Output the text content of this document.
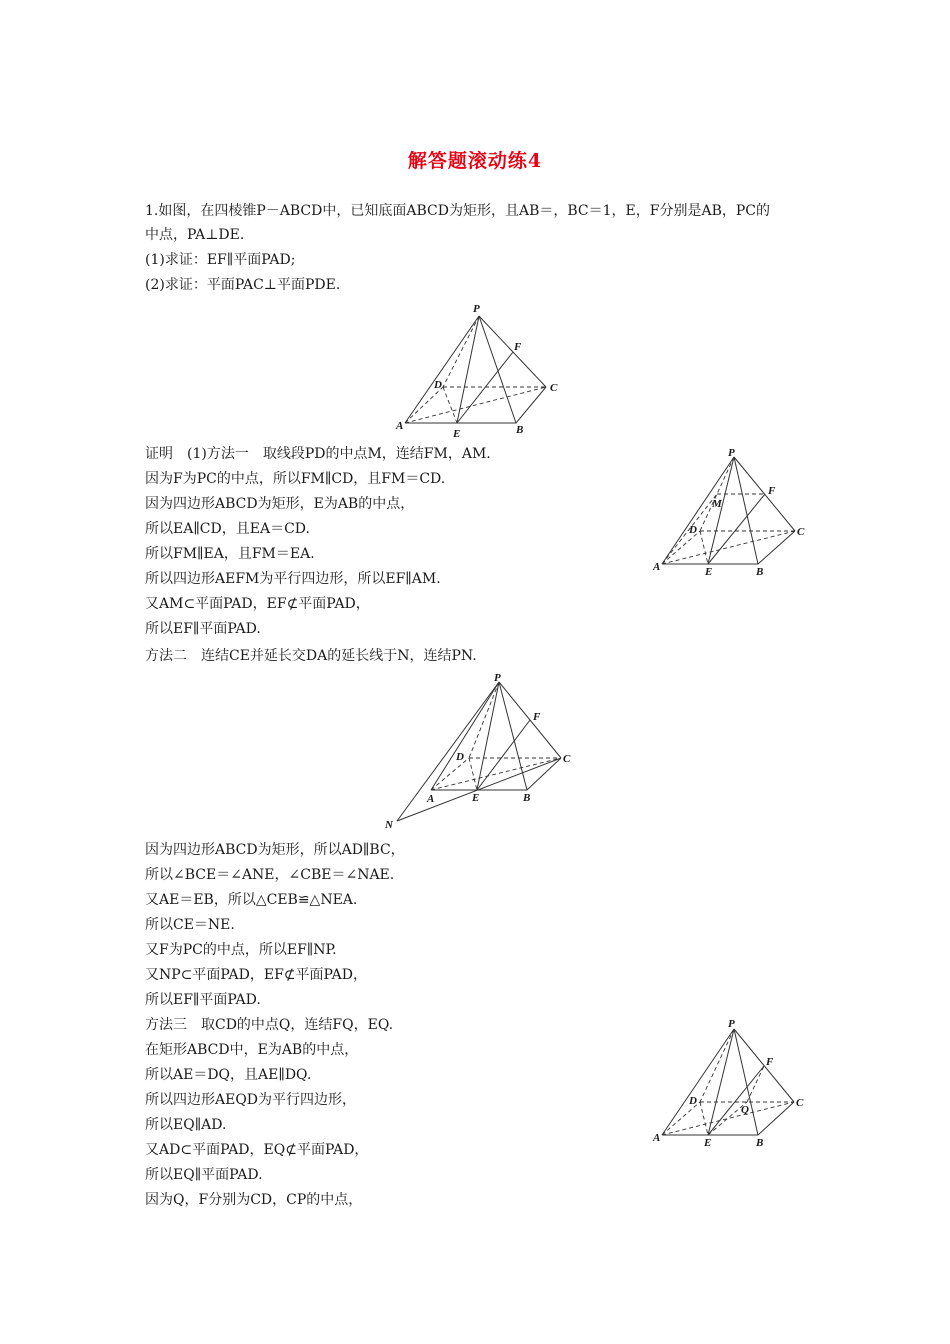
解答题滚动练4
1.如图，在四棱锥P－ABCD中，已知底面ABCD为矩形，且AB＝，BC＝1，E，F分别是AB，PC的
中点，PA⊥DE.
(1)求证：EF∥平面PAD;
(2)求证：平面PAC⊥平面PDE.
P
F
D	C
A
E	B
证明　(1)方法一　取线段PD的中点M，连结FM，AM.
因为F为PC的中点，所以FM∥CD，且FM＝CD.
因为四边形ABCD为矩形，E为AB的中点，
所以EA∥CD，且EA＝CD.
所以FM∥EA，且FM＝EA.
所以四边形AEFM为平行四边形，所以EF∥AM.
又AM⊂平面PAD，EF⊄平面PAD，
所以EF∥平面PAD.
P
F
M
D	C
A	E	B
方法二　连结CE并延长交DA的延长线于N，连结PN.
P
F
D	C
A	E	B
N
因为四边形ABCD为矩形，所以AD∥BC，
所以∠BCE＝∠ANE，∠CBE＝∠NAE.
又AE＝EB，所以△CEB≌△NEA.
所以CE＝NE.
又F为PC的中点，所以EF∥NP.
又NP⊂平面PAD，EF⊄平面PAD，
所以EF∥平面PAD.
方法三　取CD的中点Q，连结FQ，EQ.
在矩形ABCD中，E为AB的中点，
所以AE＝DQ，且AE∥DQ.
所以四边形AEQD为平行四边形，
所以EQ∥AD.
又AD⊂平面PAD，EQ⊄平面PAD，
所以EQ∥平面PAD.
因为Q，F分别为CD，CP的中点，
P
F
D
Q
C
A	E	B
